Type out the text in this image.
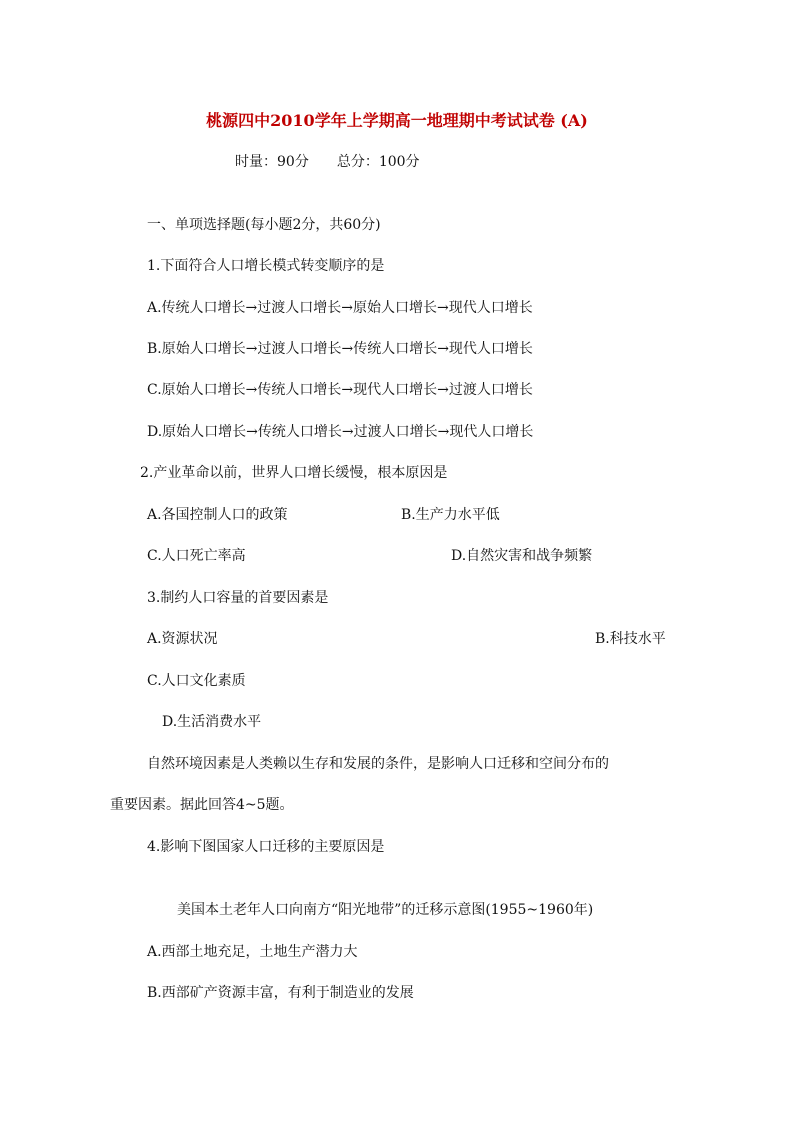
桃源四中2010学年上学期高一地理期中考试试卷 (A)
时量：90分 总分：100分
一、单项选择题(每小题2分，共60分)
1.下面符合人口增长模式转变顺序的是
A.传统人口增长→过渡人口增长→原始人口增长→现代人口增长
B.原始人口增长→过渡人口增长→传统人口增长→现代人口增长
C.原始人口增长→传统人口增长→现代人口增长→过渡人口增长
D.原始人口增长→传统人口增长→过渡人口增长→现代人口增长
2.产业革命以前，世界人口增长缓慢，根本原因是
A.各国控制人口的政策	B.生产力水平低
C.人口死亡率高	D.自然灾害和战争频繁
3.制约人口容量的首要因素是
A.资源状况	B.科技水平
C.人口文化素质
D.生活消费水平
自然环境因素是人类赖以生存和发展的条件，是影响人口迁移和空间分布的
重要因素。据此回答4~5题。
4.影响下图国家人口迁移的主要原因是
美国本土老年人口向南方“阳光地带”的迁移示意图(1955~1960年)
A.西部土地充足，土地生产潜力大
B.西部矿产资源丰富，有利于制造业的发展
